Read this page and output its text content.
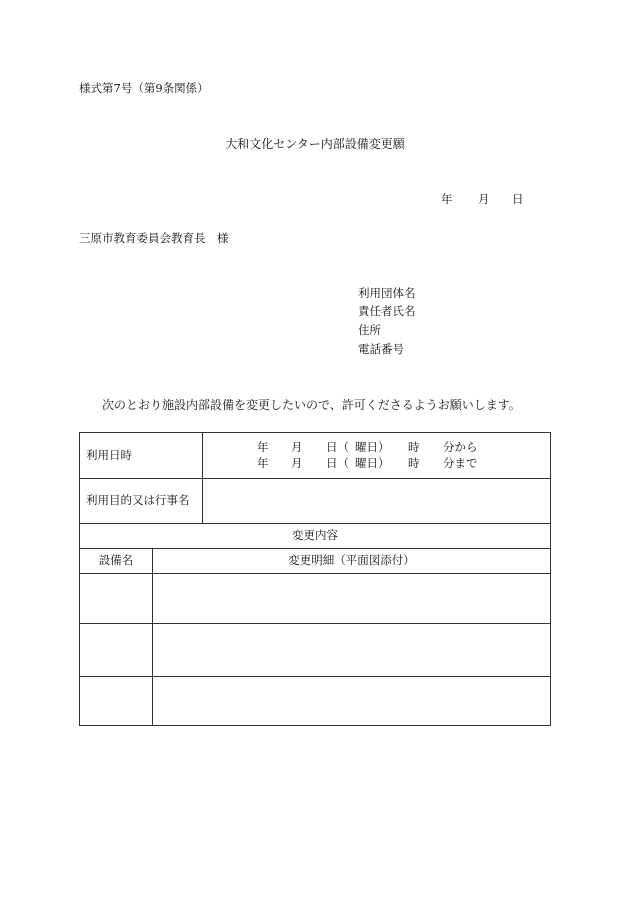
様式第7号（第9条関係）
大和文化センター内部設備変更願
年 月 日
三原市教育委員会教育長　様
利用団体名
責任者氏名
住所
電話番号
次のとおり施設内部設備を変更したいので、許可くださるようお願いします。
利用日時
年 月 日（ 曜日） 時 分から
年 月 日（ 曜日） 時 分まで
利用目的又は行事名
変更内容
設備名	変更明細（平面図添付）
